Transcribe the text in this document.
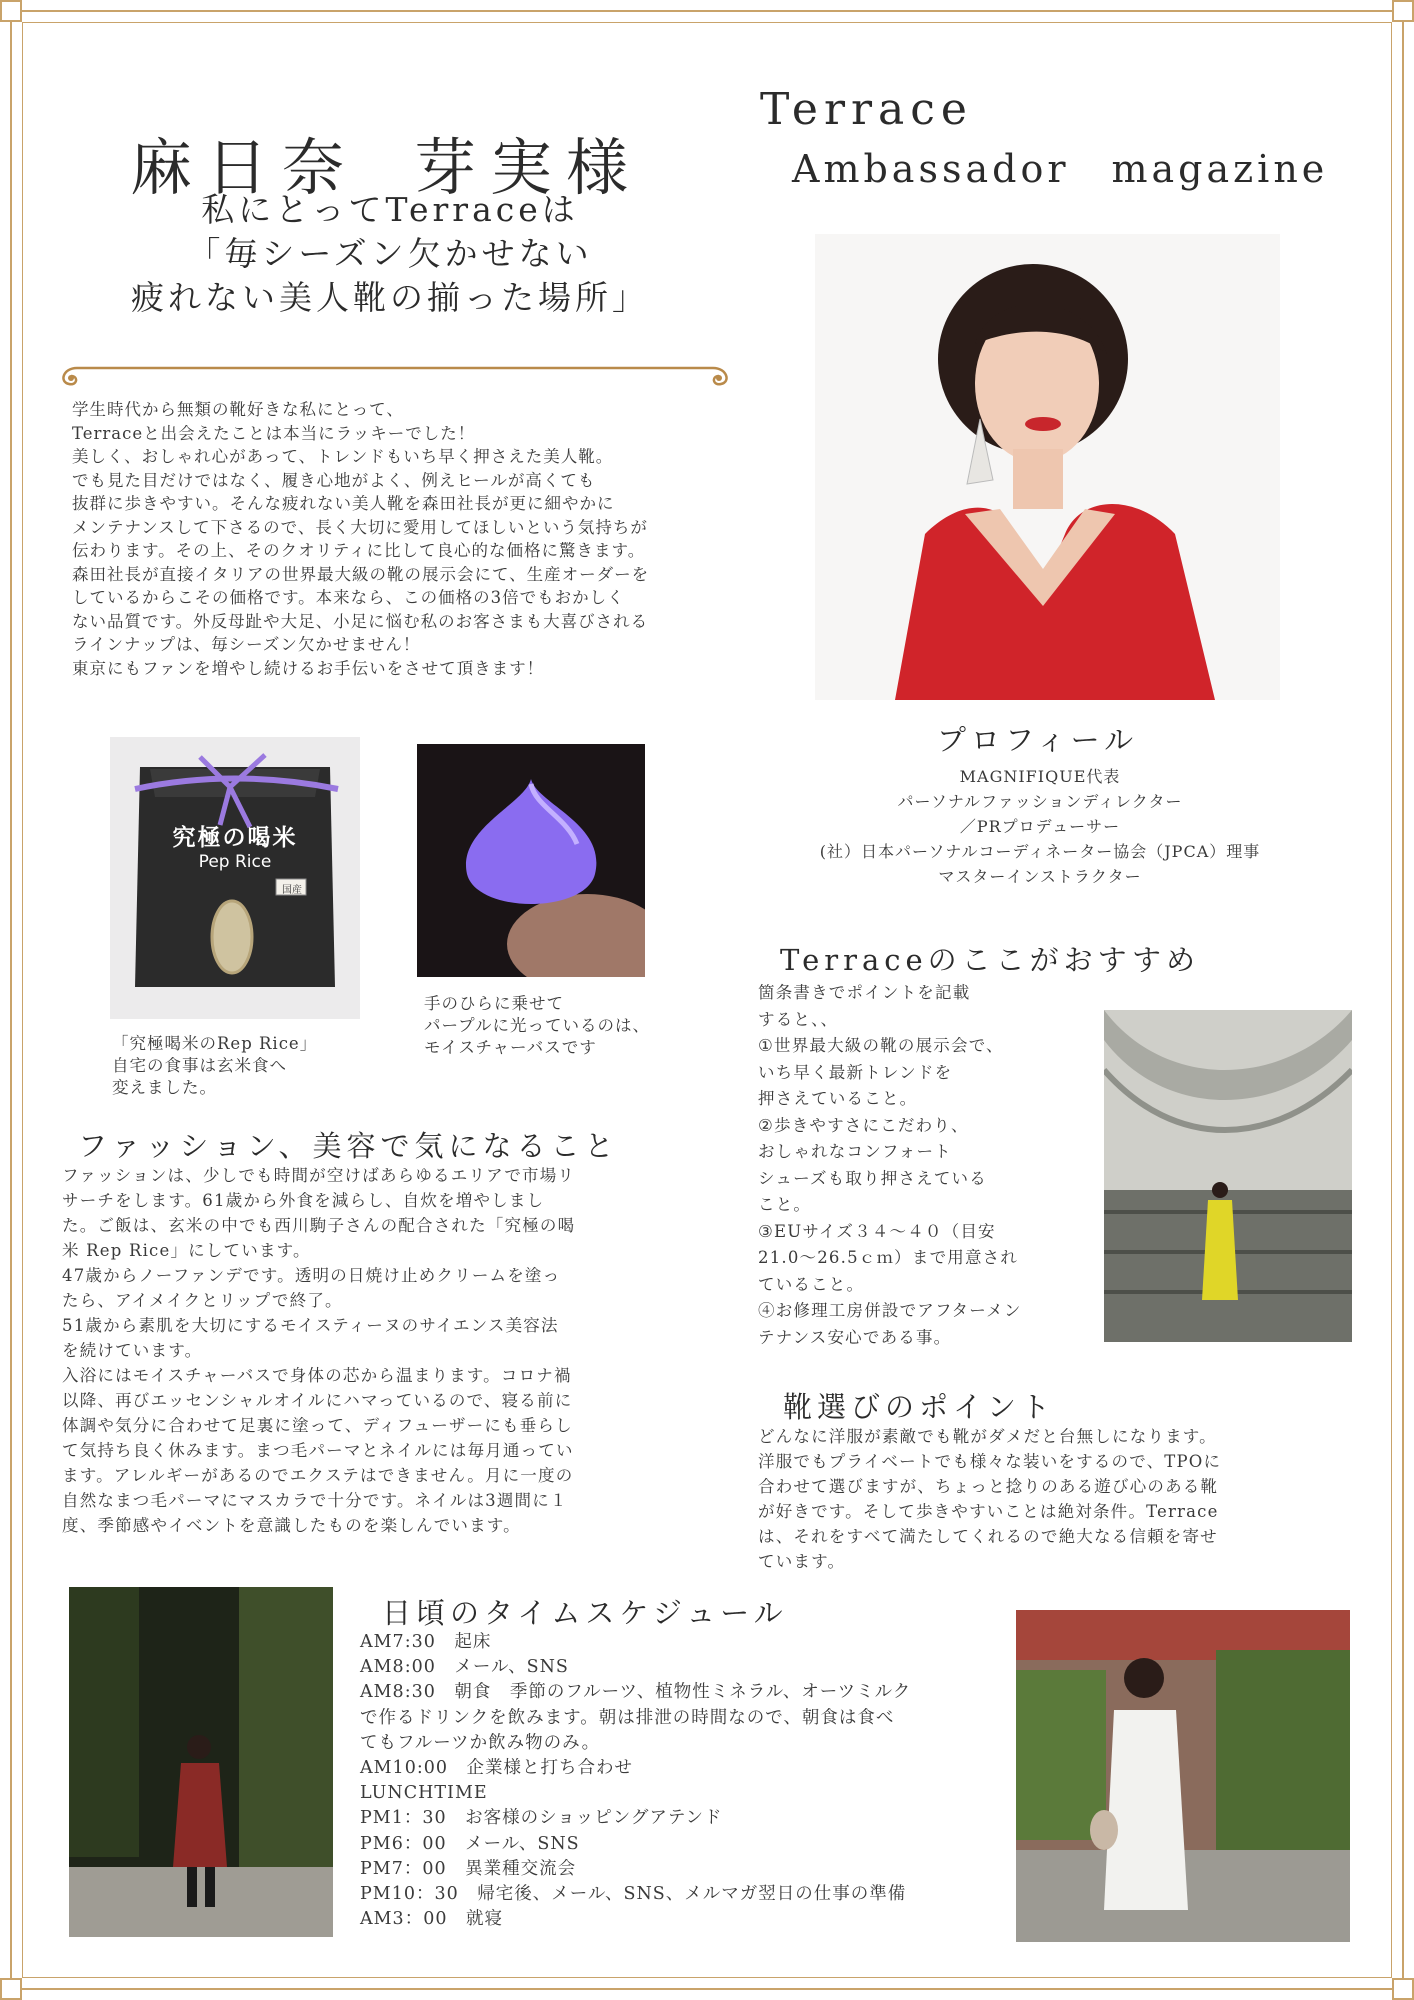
麻日奈 芽実様
私にとってTerraceは
「毎シーズン欠かせない
疲れない美人靴の揃った場所」
Terrace
Ambassador　magazine
学生時代から無類の靴好きな私にとって、
Terraceと出会えたことは本当にラッキーでした！
美しく、おしゃれ心があって、トレンドもいち早く押さえた美人靴。
でも見た目だけではなく、履き心地がよく、例えヒールが高くても
抜群に歩きやすい。そんな疲れない美人靴を森田社長が更に細やかに
メンテナンスして下さるので、長く大切に愛用してほしいという気持ちが
伝わります。その上、そのクオリティに比して良心的な価格に驚きます。
森田社長が直接イタリアの世界最大級の靴の展示会にて、生産オーダーを
しているからこその価格です。本来なら、この価格の3倍でもおかしく
ない品質です。外反母趾や大足、小足に悩む私のお客さまも大喜びされる
ラインナップは、毎シーズン欠かせません！
東京にもファンを増やし続けるお手伝いをさせて頂きます！
究極の喝米
Pep Rice
国産
「究極喝米のRep Rice」
自宅の食事は玄米食へ
変えました。
手のひらに乗せて
パープルに光っているのは、
モイスチャーバスです
プロフィール
MAGNIFIQUE代表
パーソナルファッションディレクター
／PRプロデューサー
(社）日本パーソナルコーディネーター協会（JPCA）理事
マスターインストラクター
Terraceのここがおすすめ
箇条書きでポイントを記載
すると、、
①世界最大級の靴の展示会で、
いち早く最新トレンドを
押さえていること。
②歩きやすさにこだわり、
おしゃれなコンフォート
シューズも取り押さえている
こと。
③EUサイズ３４～４０（目安
21.0～26.5ｃｍ）まで用意され
ていること。
④お修理工房併設でアフターメン
テナンス安心である事。
ファッション、美容で気になること
ファッションは、少しでも時間が空けばあらゆるエリアで市場リ
サーチをします。61歳から外食を減らし、自炊を増やしまし
た。ご飯は、玄米の中でも西川駒子さんの配合された「究極の喝
米 Rep Rice」にしています。
47歳からノーファンデです。透明の日焼け止めクリームを塗っ
たら、アイメイクとリップで終了。
51歳から素肌を大切にするモイスティーヌのサイエンス美容法
を続けています。
入浴にはモイスチャーバスで身体の芯から温まります。コロナ禍
以降、再びエッセンシャルオイルにハマっているので、寝る前に
体調や気分に合わせて足裏に塗って、ディフューザーにも垂らし
て気持ち良く休みます。まつ毛パーマとネイルには毎月通ってい
ます。アレルギーがあるのでエクステはできません。月に一度の
自然なまつ毛パーマにマスカラで十分です。ネイルは3週間に１
度、季節感やイベントを意識したものを楽しんでいます。
靴選びのポイント
どんなに洋服が素敵でも靴がダメだと台無しになります。
洋服でもプライベートでも様々な装いをするので、TPOに
合わせて選びますが、ちょっと捻りのある遊び心のある靴
が好きです。そして歩きやすいことは絶対条件。Terrace
は、それをすべて満たしてくれるので絶大なる信頼を寄せ
ています。
日頃のタイムスケジュール
AM7:30　起床
AM8:00　メール、SNS
AM8:30　朝食　季節のフルーツ、植物性ミネラル、オーツミルク
で作るドリンクを飲みます。朝は排泄の時間なので、朝食は食べ
てもフルーツか飲み物のみ。
AM10:00　企業様と打ち合わせ
LUNCHTIME
PM1：30　お客様のショッピングアテンド
PM6：00　メール、SNS
PM7：00　異業種交流会
PM10：30　帰宅後、メール、SNS、メルマガ翌日の仕事の準備
AM3：00　就寝
